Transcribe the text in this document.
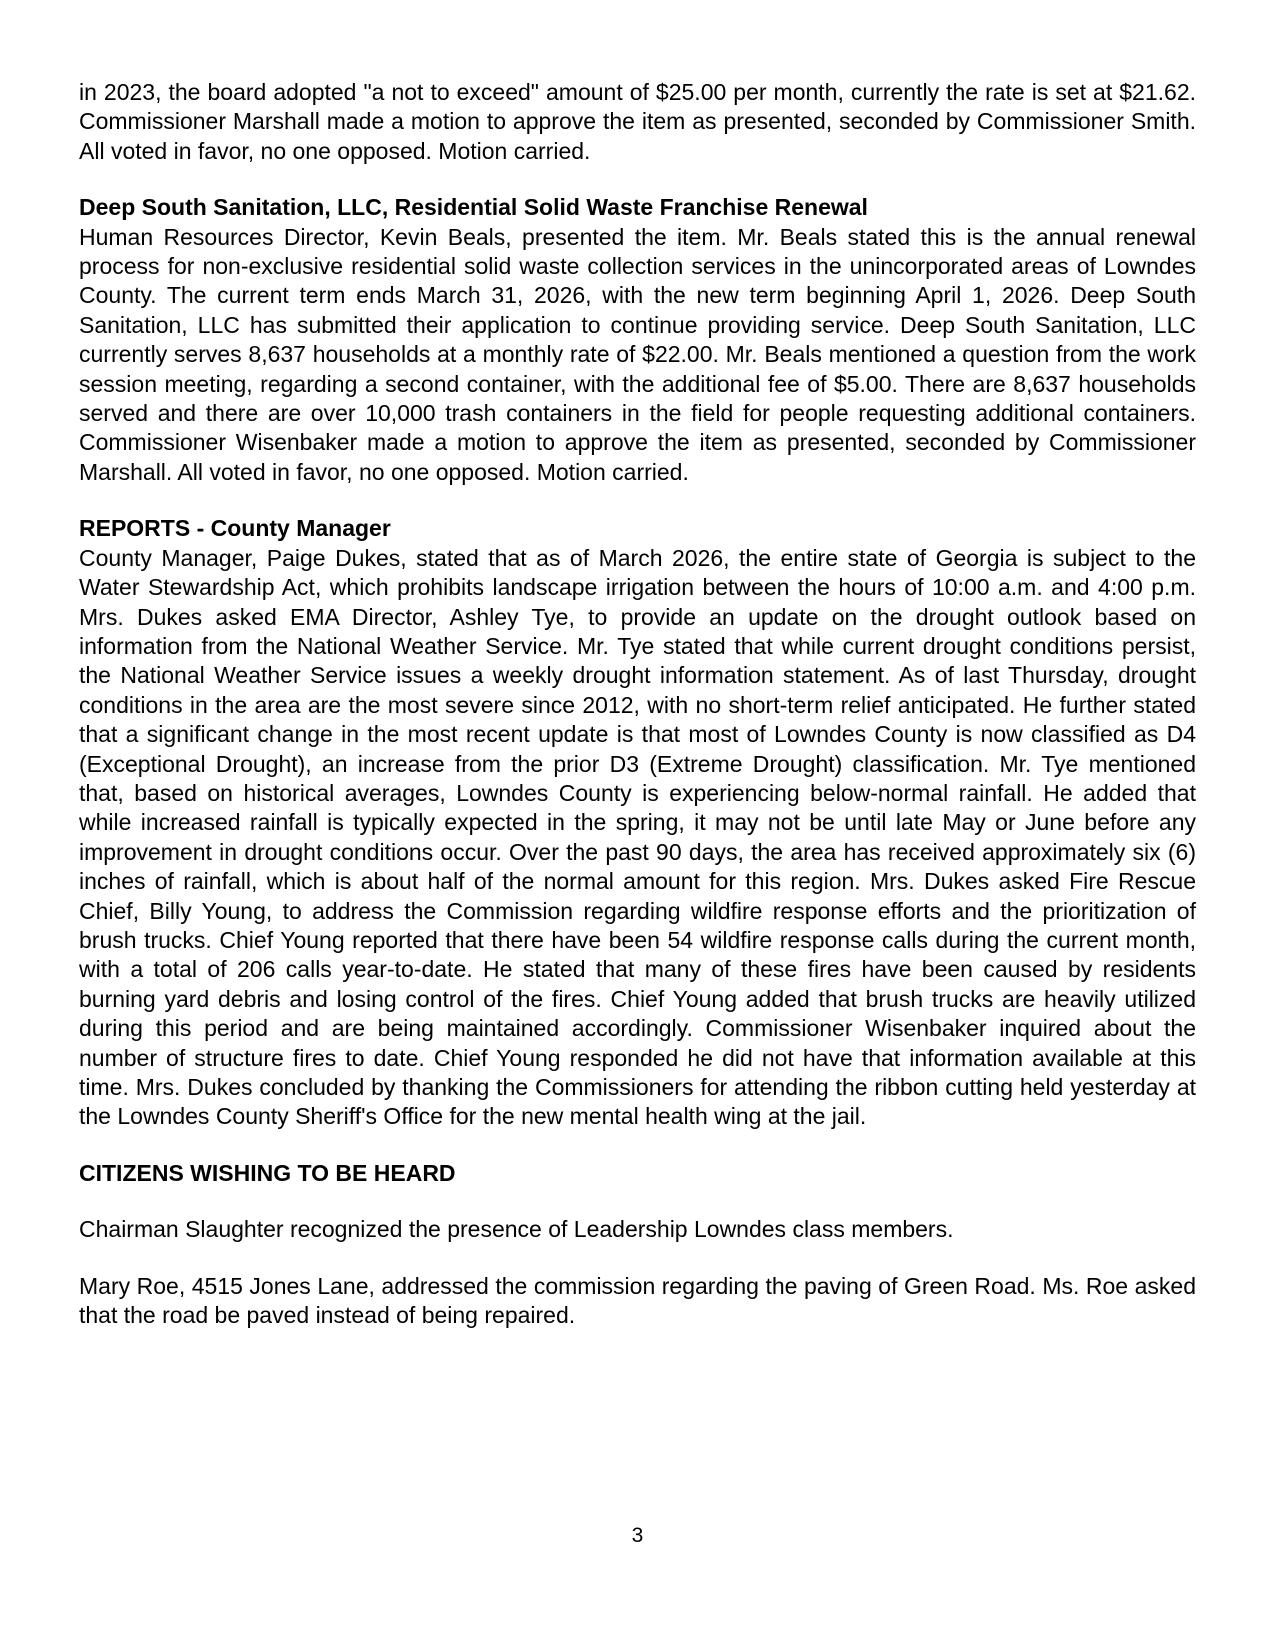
in 2023, the board adopted "a not to exceed" amount of $25.00 per month, currently the rate is set at $21.62. Commissioner Marshall made a motion to approve the item as presented, seconded by Commissioner Smith. All voted in favor, no one opposed. Motion carried.

Deep South Sanitation, LLC, Residential Solid Waste Franchise Renewal

Human Resources Director, Kevin Beals, presented the item. Mr. Beals stated this is the annual renewal process for non-exclusive residential solid waste collection services in the unincorporated areas of Lowndes County. The current term ends March 31, 2026, with the new term beginning April 1, 2026. Deep South Sanitation, LLC has submitted their application to continue providing service. Deep South Sanitation, LLC currently serves 8,637 households at a monthly rate of $22.00. Mr. Beals mentioned a question from the work session meeting, regarding a second container, with the additional fee of $5.00. There are 8,637 households served and there are over 10,000 trash containers in the field for people requesting additional containers. Commissioner Wisenbaker made a motion to approve the item as presented, seconded by Commissioner Marshall. All voted in favor, no one opposed. Motion carried.

REPORTS - County Manager

County Manager, Paige Dukes, stated that as of March 2026, the entire state of Georgia is subject to the Water Stewardship Act, which prohibits landscape irrigation between the hours of 10:00 a.m. and 4:00 p.m. Mrs. Dukes asked EMA Director, Ashley Tye, to provide an update on the drought outlook based on information from the National Weather Service. Mr. Tye stated that while current drought conditions persist, the National Weather Service issues a weekly drought information statement. As of last Thursday, drought conditions in the area are the most severe since 2012, with no short-term relief anticipated. He further stated that a significant change in the most recent update is that most of Lowndes County is now classified as D4 (Exceptional Drought), an increase from the prior D3 (Extreme Drought) classification. Mr. Tye mentioned that, based on historical averages, Lowndes County is experiencing below-normal rainfall. He added that while increased rainfall is typically expected in the spring, it may not be until late May or June before any improvement in drought conditions occur. Over the past 90 days, the area has received approximately six (6) inches of rainfall, which is about half of the normal amount for this region. Mrs. Dukes asked Fire Rescue Chief, Billy Young, to address the Commission regarding wildfire response efforts and the prioritization of brush trucks. Chief Young reported that there have been 54 wildfire response calls during the current month, with a total of 206 calls year-to-date. He stated that many of these fires have been caused by residents burning yard debris and losing control of the fires. Chief Young added that brush trucks are heavily utilized during this period and are being maintained accordingly. Commissioner Wisenbaker inquired about the number of structure fires to date. Chief Young responded he did not have that information available at this time. Mrs. Dukes concluded by thanking the Commissioners for attending the ribbon cutting held yesterday at the Lowndes County Sheriff's Office for the new mental health wing at the jail.

CITIZENS WISHING TO BE HEARD

Chairman Slaughter recognized the presence of Leadership Lowndes class members.

Mary Roe, 4515 Jones Lane, addressed the commission regarding the paving of Green Road. Ms. Roe asked that the road be paved instead of being repaired.

3
